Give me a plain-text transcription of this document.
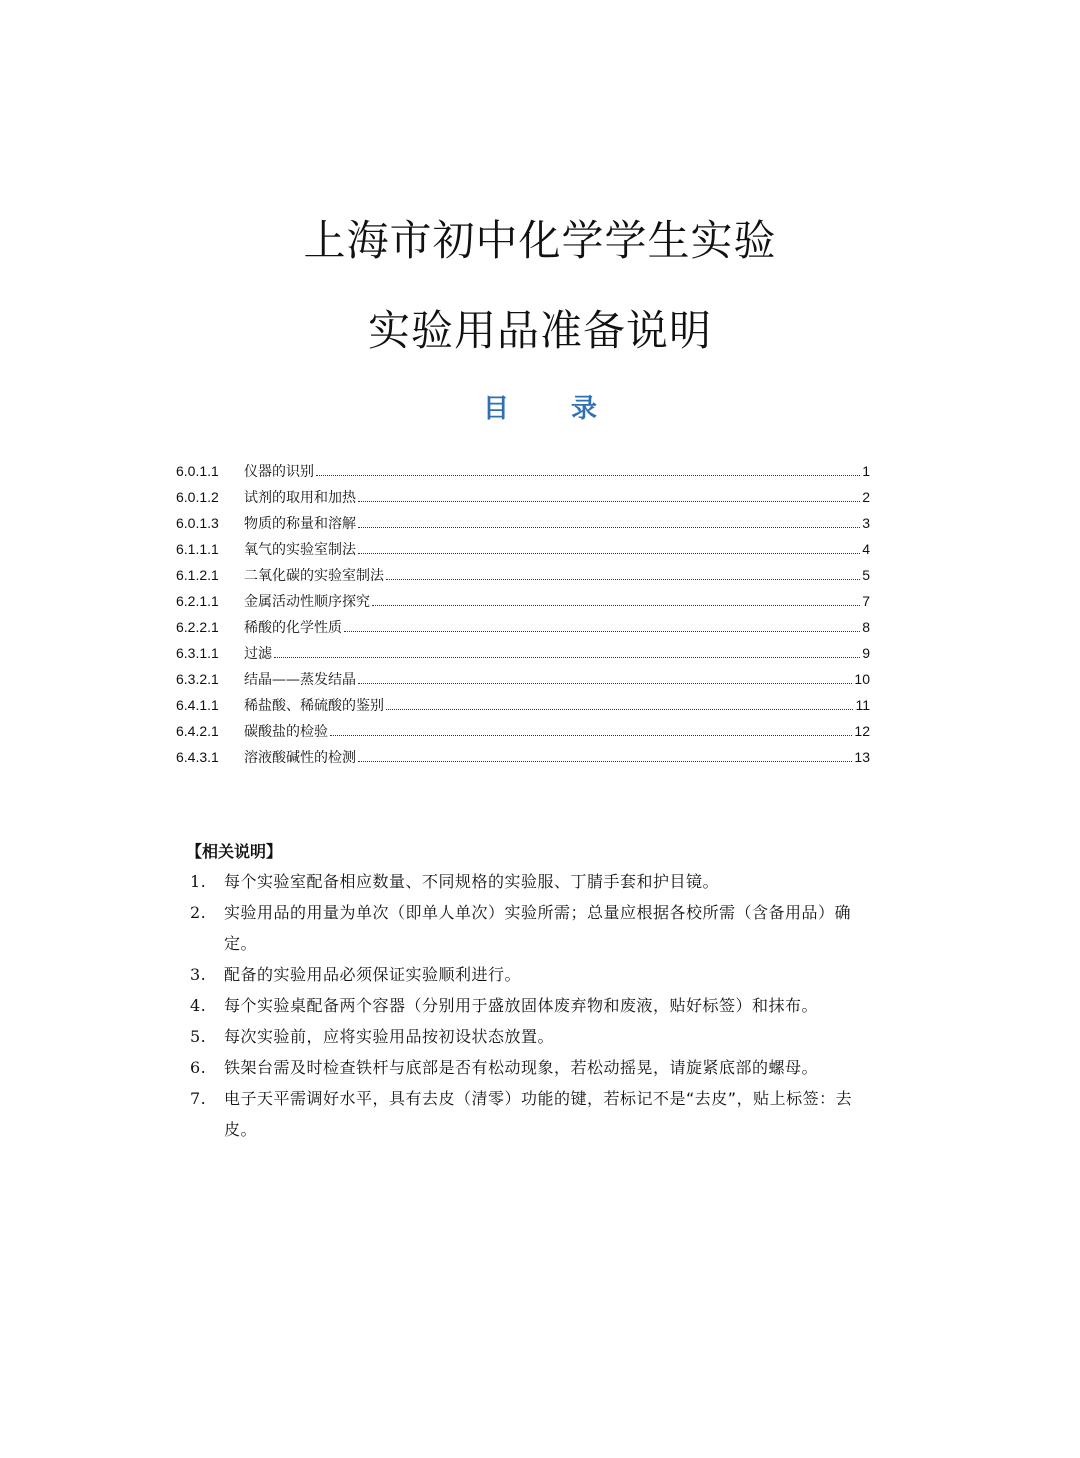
上海市初中化学学生实验
实验用品准备说明
目 录
6.0.1.1	仪器的识别	1
6.0.1.2	试剂的取用和加热	2
6.0.1.3	物质的称量和溶解	3
6.1.1.1	氧气的实验室制法	4
6.1.2.1	二氧化碳的实验室制法	5
6.2.1.1	金属活动性顺序探究	7
6.2.2.1	稀酸的化学性质	8
6.3.1.1	过滤	9
6.3.2.1	结晶——蒸发结晶	10
6.4.1.1	稀盐酸、稀硫酸的鉴别	11
6.4.2.1	碳酸盐的检验	12
6.4.3.1	溶液酸碱性的检测	13
【相关说明】
1.	每个实验室配备相应数量、不同规格的实验服、丁腈手套和护目镜。
2.	实验用品的用量为单次（即单人单次）实验所需；总量应根据各校所需（含备用品）确定。
3.	配备的实验用品必须保证实验顺利进行。
4.	每个实验桌配备两个容器（分别用于盛放固体废弃物和废液，贴好标签）和抹布。
5.	每次实验前，应将实验用品按初设状态放置。
6.	铁架台需及时检查铁杆与底部是否有松动现象，若松动摇晃，请旋紧底部的螺母。
7.	电子天平需调好水平，具有去皮（清零）功能的键，若标记不是“去皮”，贴上标签：去皮。
